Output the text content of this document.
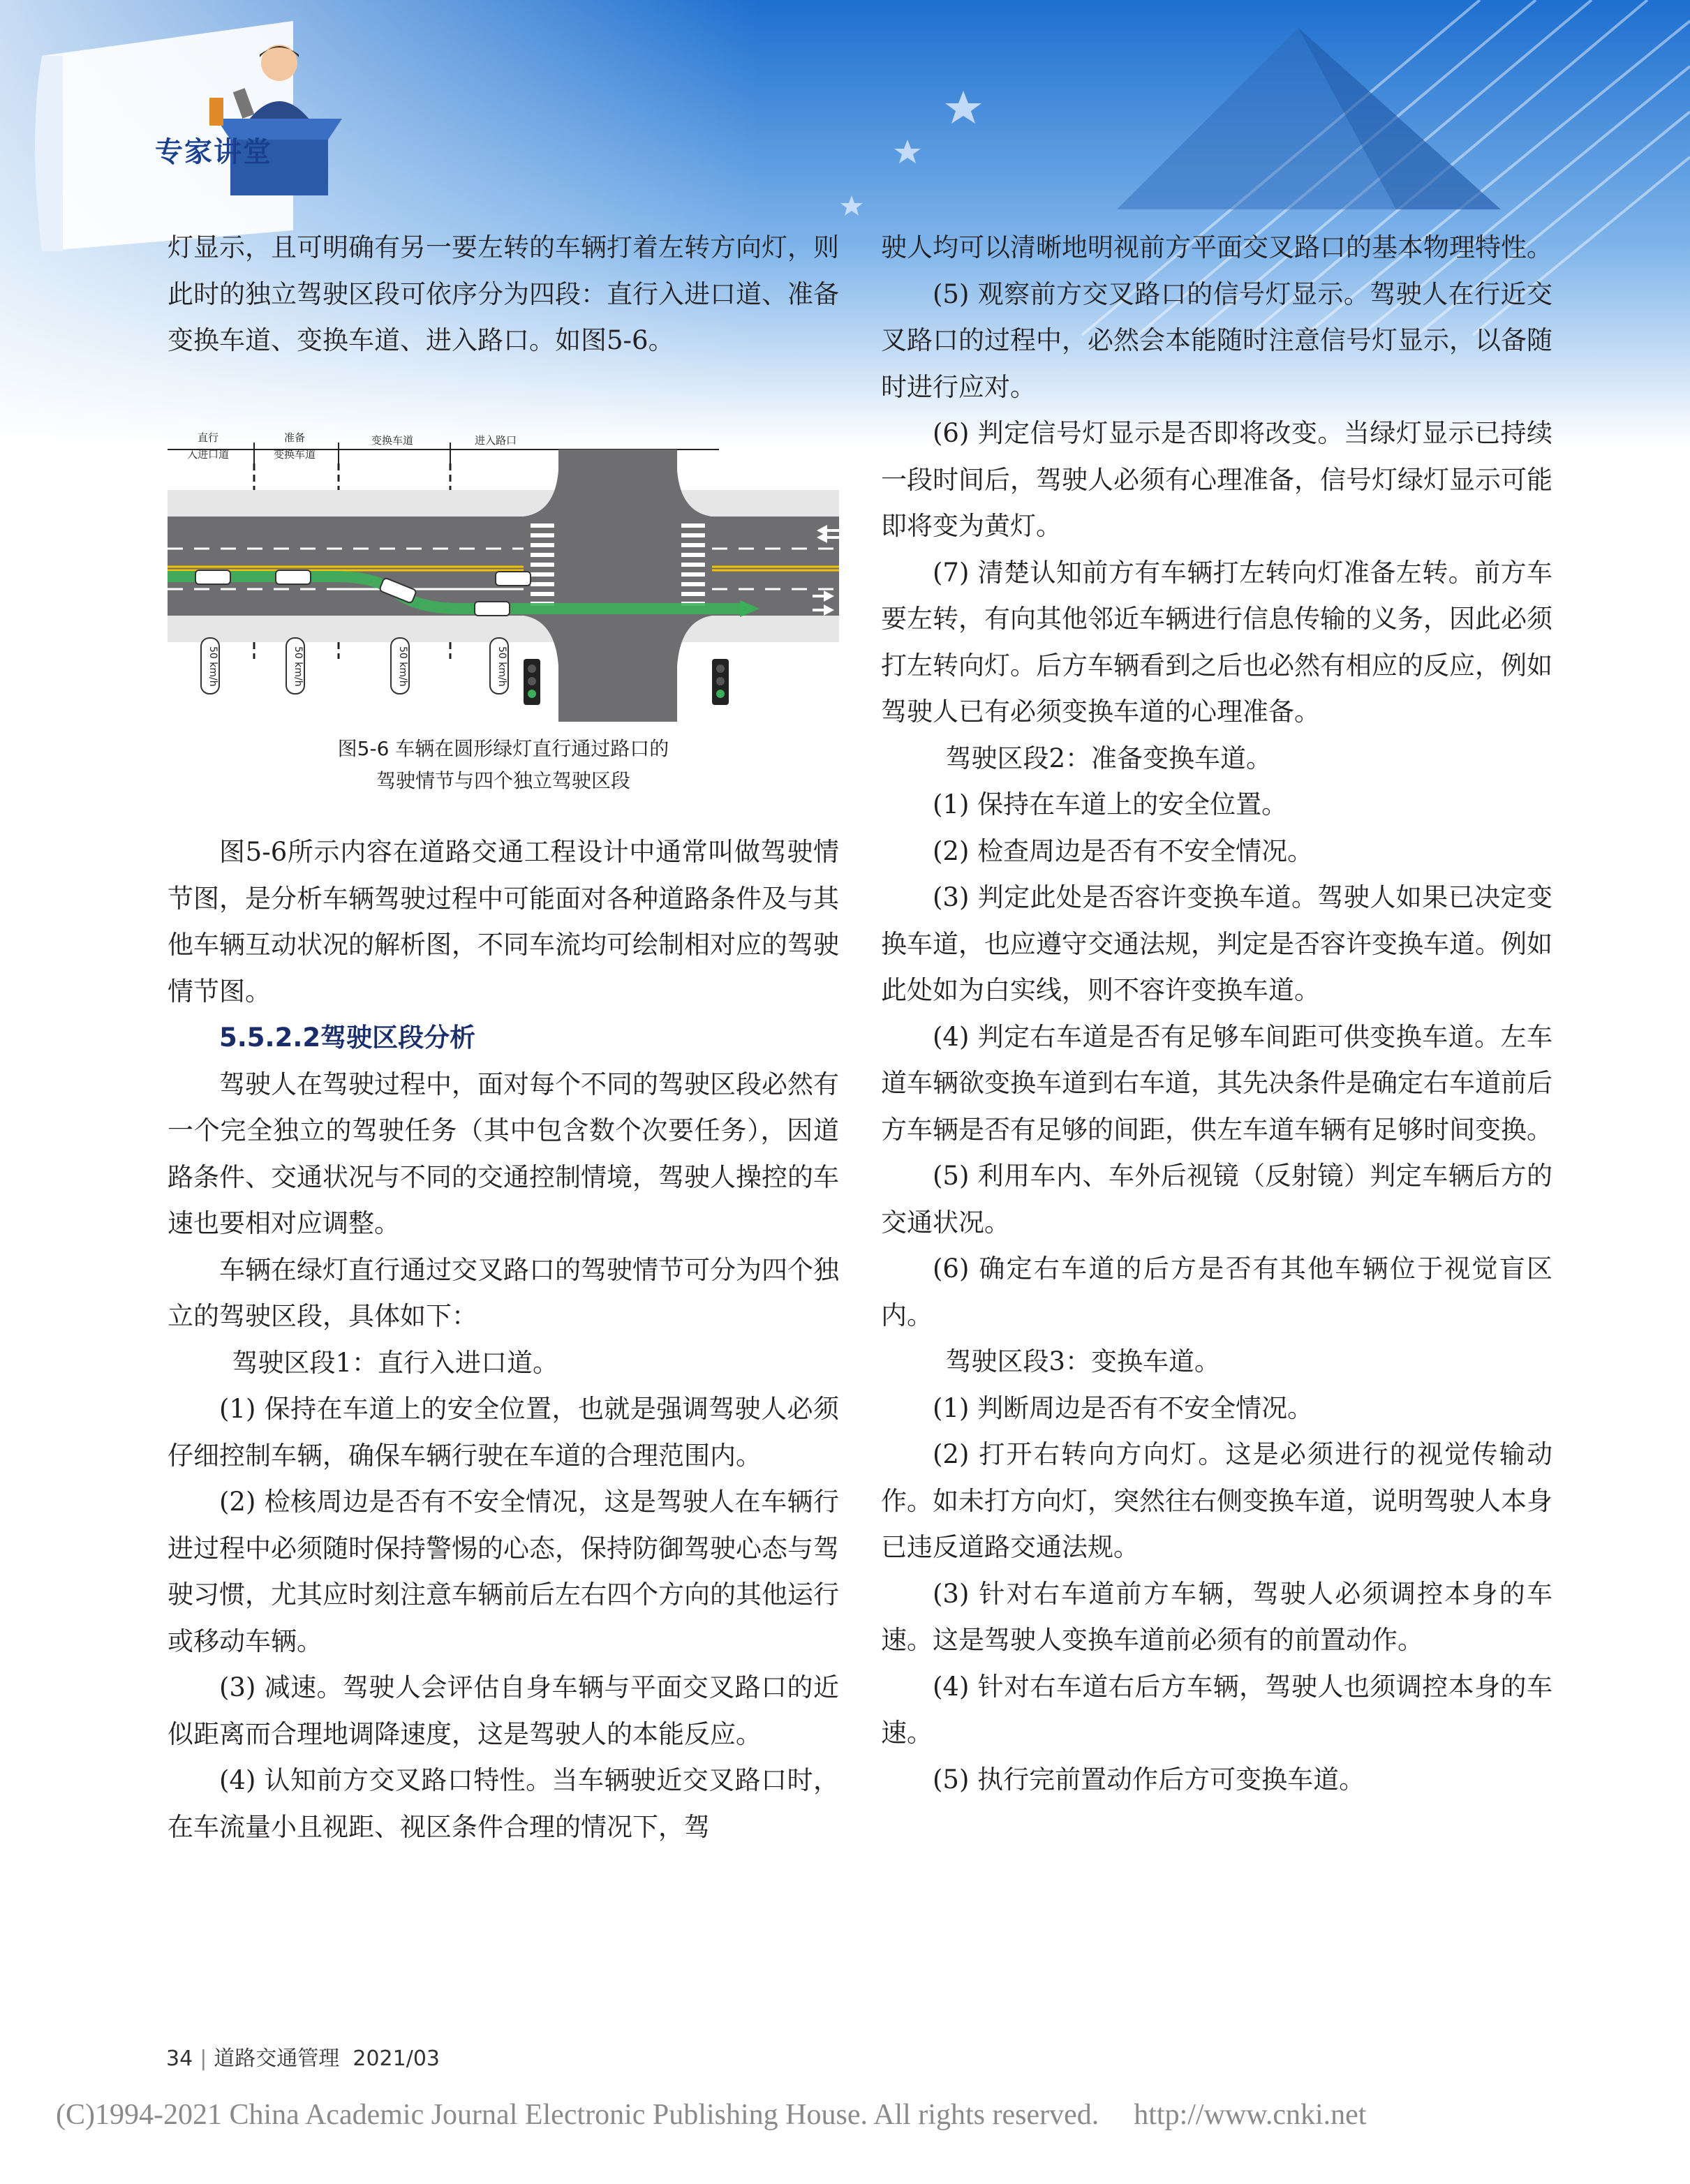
专家讲堂

灯显示，且可明确有另一要左转的车辆打着左转方向灯，则此时的独立驾驶区段可依序分为四段：直行入进口道、准备变换车道、变换车道、进入路口。如图5-6。

直行
入进口道
准备
变换车道
变换车道	进入路口
50 km/h	50 km/h	50 km/h	50 km/h
图5-6 车辆在圆形绿灯直行通过路口的
驾驶情节与四个独立驾驶区段

图5-6所示内容在道路交通工程设计中通常叫做驾驶情节图，是分析车辆驾驶过程中可能面对各种道路条件及与其他车辆互动状况的解析图，不同车流均可绘制相对应的驾驶情节图。

5.5.2.2驾驶区段分析

驾驶人在驾驶过程中，面对每个不同的驾驶区段必然有一个完全独立的驾驶任务（其中包含数个次要任务），因道路条件、交通状况与不同的交通控制情境，驾驶人操控的车速也要相对应调整。

车辆在绿灯直行通过交叉路口的驾驶情节可分为四个独立的驾驶区段，具体如下：

驾驶区段1：直行入进口道。

(1) 保持在车道上的安全位置，也就是强调驾驶人必须仔细控制车辆，确保车辆行驶在车道的合理范围内。

(2) 检核周边是否有不安全情况，这是驾驶人在车辆行进过程中必须随时保持警惕的心态，保持防御驾驶心态与驾驶习惯，尤其应时刻注意车辆前后左右四个方向的其他运行或移动车辆。

(3) 减速。驾驶人会评估自身车辆与平面交叉路口的近似距离而合理地调降速度，这是驾驶人的本能反应。

(4) 认知前方交叉路口特性。当车辆驶近交叉路口时，在车流量小且视距、视区条件合理的情况下，驾

驶人均可以清晰地明视前方平面交叉路口的基本物理特性。

(5) 观察前方交叉路口的信号灯显示。驾驶人在行近交叉路口的过程中，必然会本能随时注意信号灯显示，以备随时进行应对。

(6) 判定信号灯显示是否即将改变。当绿灯显示已持续一段时间后，驾驶人必须有心理准备，信号灯绿灯显示可能即将变为黄灯。

(7) 清楚认知前方有车辆打左转向灯准备左转。前方车要左转，有向其他邻近车辆进行信息传输的义务，因此必须打左转向灯。后方车辆看到之后也必然有相应的反应，例如驾驶人已有必须变换车道的心理准备。

驾驶区段2：准备变换车道。

(1) 保持在车道上的安全位置。

(2) 检查周边是否有不安全情况。

(3) 判定此处是否容许变换车道。驾驶人如果已决定变换车道，也应遵守交通法规，判定是否容许变换车道。例如此处如为白实线，则不容许变换车道。

(4) 判定右车道是否有足够车间距可供变换车道。左车道车辆欲变换车道到右车道，其先决条件是确定右车道前后方车辆是否有足够的间距，供左车道车辆有足够时间变换。

(5) 利用车内、车外后视镜（反射镜）判定车辆后方的交通状况。

(6) 确定右车道的后方是否有其他车辆位于视觉盲区内。

驾驶区段3：变换车道。

(1) 判断周边是否有不安全情况。

(2) 打开右转向方向灯。这是必须进行的视觉传输动作。如未打方向灯，突然往右侧变换车道，说明驾驶人本身已违反道路交通法规。

(3) 针对右车道前方车辆，驾驶人必须调控本身的车速。这是驾驶人变换车道前必须有的前置动作。

(4) 针对右车道右后方车辆，驾驶人也须调控本身的车速。

(5) 执行完前置动作后方可变换车道。

34 | 道路交通管理 2021/03
(C)1994-2021 China Academic Journal Electronic Publishing House. All rights reserved. http://www.cnki.net
